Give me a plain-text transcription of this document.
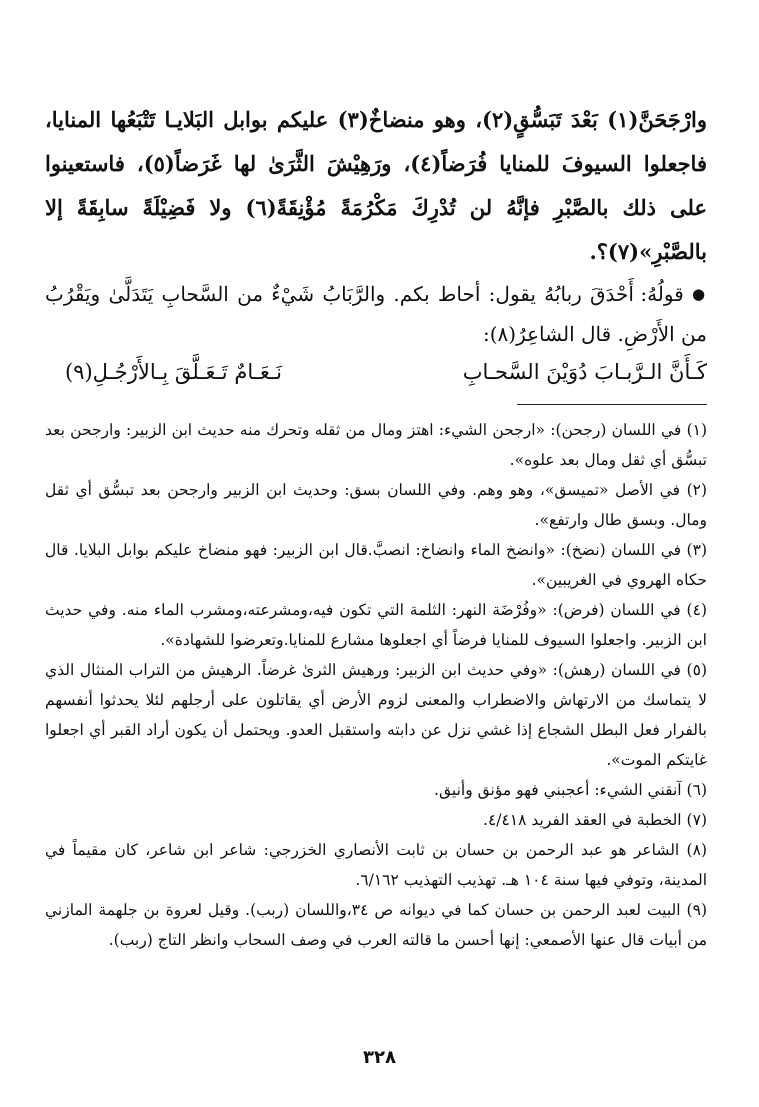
وارْجَحَنَّ(١) بَعْدَ تَبَسُّقٍ(٢)، وهو منضاخٌ(٣) عليكم بوابل البَلايـا تَتْبَعُها المنايا، فاجعلوا السيوفَ للمنايا فُرَضاً(٤)، ورَهِيْشَ الثَّرَىٰ لها غَرَضاً(٥)، فاستعينوا على ذلك بالصَّبْرِ فإنَّهُ لن تُدْرِكَ مَكْرُمَةً مُؤْنِقَةً(٦) ولا فَضِيْلَةً سابِقَةً إلا بالصَّبْرِ»(٧)؟.

● قولُهُ: أَحْدَقَ ربابُهُ يقول: أحاط بكم. والرَّبَابُ شَيْءٌ من السَّحابِ يَتَدَلَّىٰ ويَقْرُبُ من الأَرْضِ. قال الشاعِرُ(٨):

كَـأَنَّ الـرَّبـابَ دُوَيْنَ السَّحـابِ
نَـعَـامٌ تَـعَـلَّقَ بِـالأَرْجُـلِ(٩)

(١) في اللسان (رجحن): «ارجحن الشيء: اهتز ومال من ثقله وتحرك منه حديث ابن الزبير: وارجحن بعد تبسُّق أي ثقل ومال بعد علوه».

(٢) في الأصل «تميسق»، وهو وهم. وفي اللسان بسق: وحديث ابن الزبير وارجحن بعد تبسُّق أي ثقل ومال. وبسق طال وارتفع».

(٣) في اللسان (نضخ): «وانضخ الماء وانضاخ: انصبَّ.قال ابن الزبير: فهو منضاخ عليكم بوابل البلايا. قال حكاه الهروي في الغريبين».

(٤) في اللسان (فرض): «وفُرْضَة النهر: الثلمة التي تكون فيه،ومشرعته،ومشرب الماء منه. وفي حديث ابن الزبير. واجعلوا السيوف للمنايا فرضاً أي اجعلوها مشارع للمنايا.وتعرضوا للشهادة».

(٥) في اللسان (رهش): «وفي حديث ابن الزبير: ورهيش الثرىٰ غرضاً. الرهيش من التراب المنثال الذي لا يتماسك من الارتهاش والاضطراب والمعنى لزوم الأرض أي يقاتلون على أرجلهم لئلا يحدثوا أنفسهم بالفرار فعل البطل الشجاع إذا غشي نزل عن دابته واستقبل العدو. ويحتمل أن يكون أراد القبر أي اجعلوا غايتكم الموت».

(٦) آنقني الشيء: أعجبني فهو مؤنق وأنيق.

(٧) الخطبة في العقد الفريد ٤/٤١٨.

(٨) الشاعر هو عبد الرحمن بن حسان بن ثابت الأنصاري الخزرجي: شاعر ابن شاعر، كان مقيماً في المدينة، وتوفي فيها سنة ١٠٤ هـ. تهذيب التهذيب ٦/١٦٢.

(٩) البيت لعبد الرحمن بن حسان كما في ديوانه ص ٣٤،واللسان (ربب). وقيل لعروة بن جلهمة المازني من أبيات قال عنها الأصمعي: إنها أحسن ما قالته العرب في وصف السحاب وانظر التاج (ربب).

٣٢٨
